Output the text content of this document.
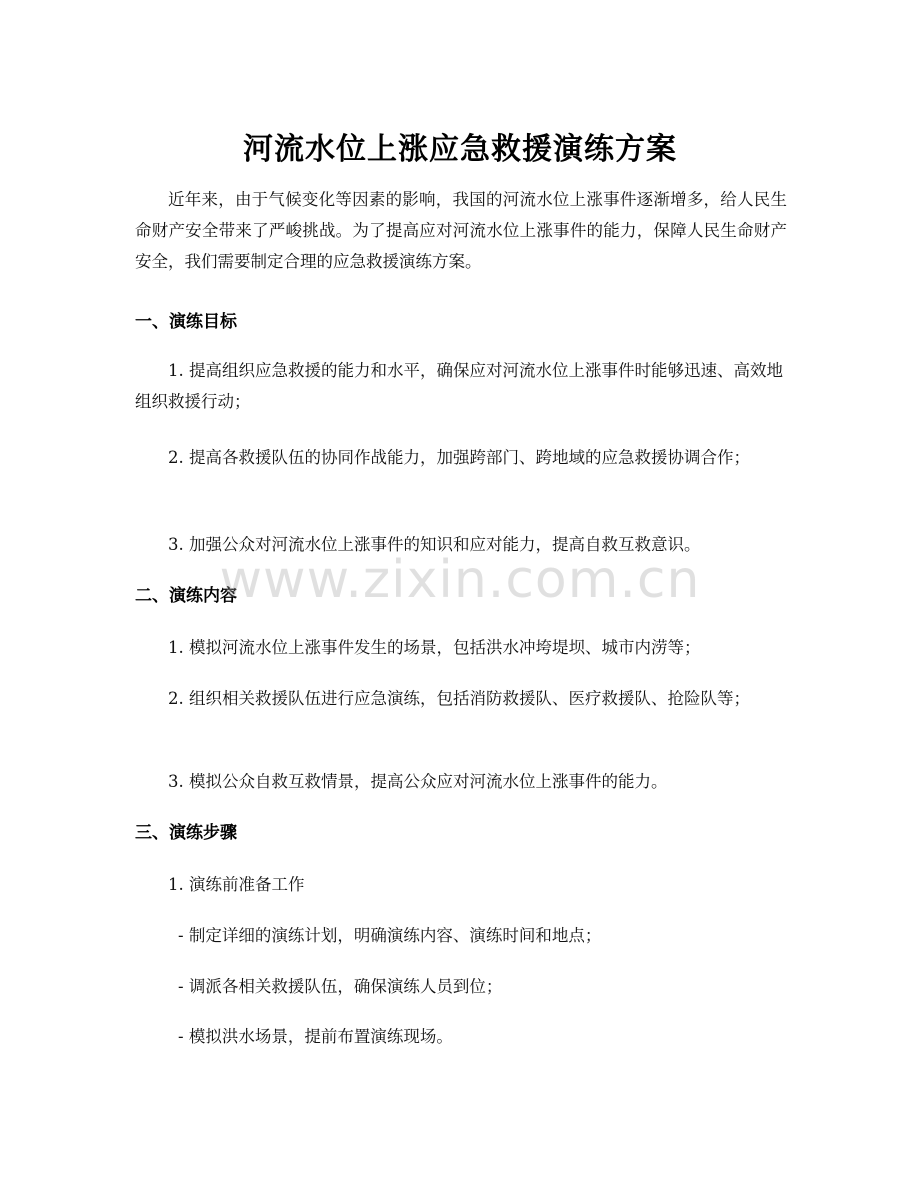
河流水位上涨应急救援演练方案

近年来，由于气候变化等因素的影响，我国的河流水位上涨事件逐渐增多，给人民生命财产安全带来了严峻挑战。为了提高应对河流水位上涨事件的能力，保障人民生命财产安全，我们需要制定合理的应急救援演练方案。

一、演练目标

1. 提高组织应急救援的能力和水平，确保应对河流水位上涨事件时能够迅速、高效地组织救援行动；

2. 提高各救援队伍的协同作战能力，加强跨部门、跨地域的应急救援协调合作；

3. 加强公众对河流水位上涨事件的知识和应对能力，提高自救互救意识。

二、演练内容

1. 模拟河流水位上涨事件发生的场景，包括洪水冲垮堤坝、城市内涝等；

2. 组织相关救援队伍进行应急演练，包括消防救援队、医疗救援队、抢险队等；

3. 模拟公众自救互救情景，提高公众应对河流水位上涨事件的能力。

三、演练步骤

1. 演练前准备工作

- 制定详细的演练计划，明确演练内容、演练时间和地点；

- 调派各相关救援队伍，确保演练人员到位；

- 模拟洪水场景，提前布置演练现场。

www.zixin.com.cn
